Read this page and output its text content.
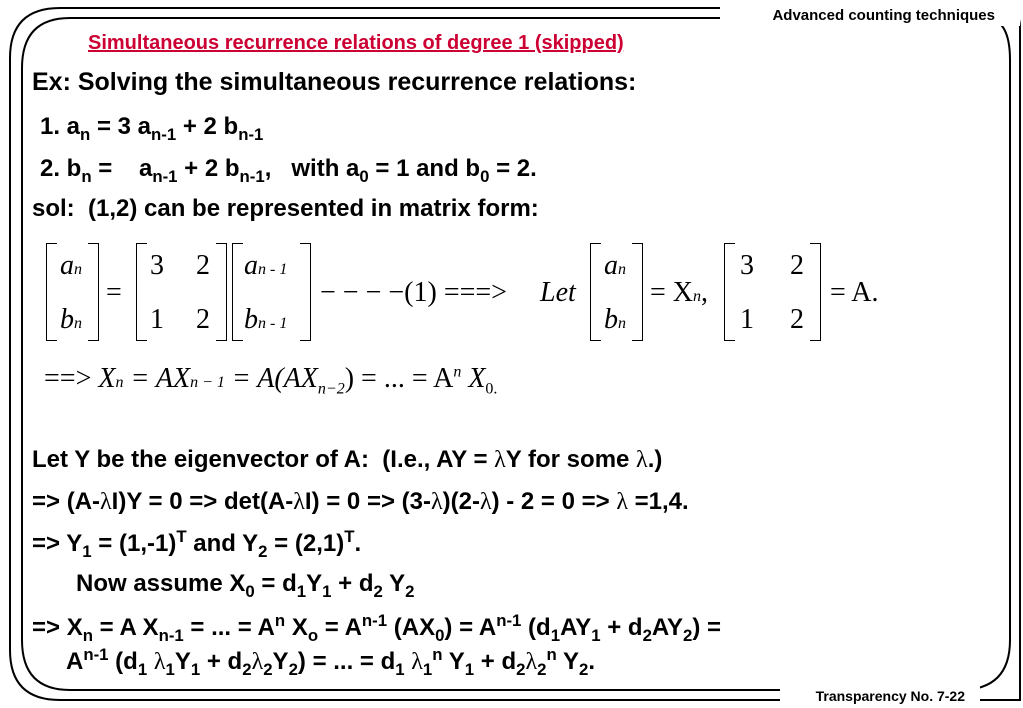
Advanced counting techniques
Transparency No. 7-22
Simultaneous recurrence relations of degree 1 (skipped)
Ex: Solving the simultaneous recurrence relations:
1. $a_n = 3$ $a_{n-1} + 2$ $b_{n-1}$
2. $b_n$ =    $a_{n-1} + 2$ $b_{n-1}$,   with $a_0 = 1$ and $b_0 = 2$.
sol:  (1,2) can be represented in matrix form:
an
bn
=
3 2
1 2
an - 1
bn - 1
− − − −(1) ===> Let
an
bn
= Xn,
3 2
1 2
= A.
==> Xn = AXn − $1 = A(AX_{n-2})$ = ... = $A^n$ $X_{0.}$
Let Y be the eigenvector of A:  (I.e., AY = λY for some λ.)
=> (A-λI)Y = 0 => det(A-λI) = 0 => (3-λ)(2-λ) - 2 = 0 => λ =1,4.
=> $Y_1 = (1,-1)^T$ and $Y_2 = (2,1)^T$.
Now assume $X_0 = d_1Y_1 + d_2$ $Y_2$
=> $X_n = A$ $X_{n-1}$ = ... = $A^n$ $X_o = A^{n-1}$ $(AX_0) = A^{n-1}$ $(d_1AY_1 + d_2AY_2)$ =
$A^{n-1}$ ($d_1$ $\lambda_1Y_1 + d_2\lambda_2Y_2$) = ... = $d_1$ $\lambda_1^n$ $Y_1 + d_2\lambda_2^n$ $Y_2$.
